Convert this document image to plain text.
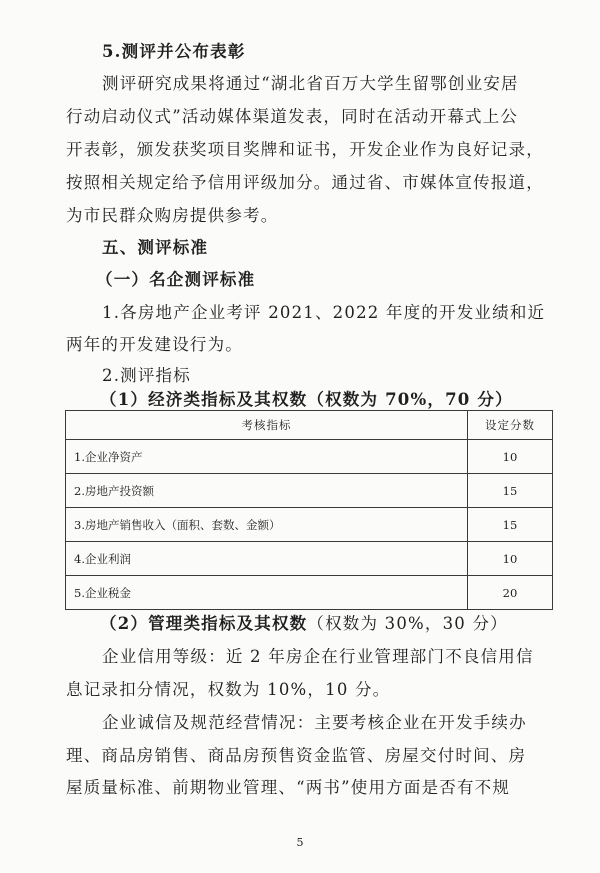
5.测评并公布表彰
测评研究成果将通过“湖北省百万大学生留鄂创业安居
行动启动仪式”活动媒体渠道发表，同时在活动开幕式上公
开表彰，颁发获奖项目奖牌和证书，开发企业作为良好记录，
按照相关规定给予信用评级加分。通过省、市媒体宣传报道，
为市民群众购房提供参考。
五、测评标准
（一）名企测评标准
1.各房地产企业考评 2021、2022 年度的开发业绩和近
两年的开发建设行为。
2.测评指标
（1）经济类指标及其权数（权数为 70%，70 分）
考核指标	设定分数
1.企业净资产	10
2.房地产投资额	15
3.房地产销售收入（面积、套数、金额）	15
4.企业利润	10
5.企业税金	20
（2）管理类指标及其权数（权数为 30%，30 分）
企业信用等级：近 2 年房企在行业管理部门不良信用信
息记录扣分情况，权数为 10%，10 分。
企业诚信及规范经营情况：主要考核企业在开发手续办
理、商品房销售、商品房预售资金监管、房屋交付时间、房
屋质量标准、前期物业管理、“两书”使用方面是否有不规
5
